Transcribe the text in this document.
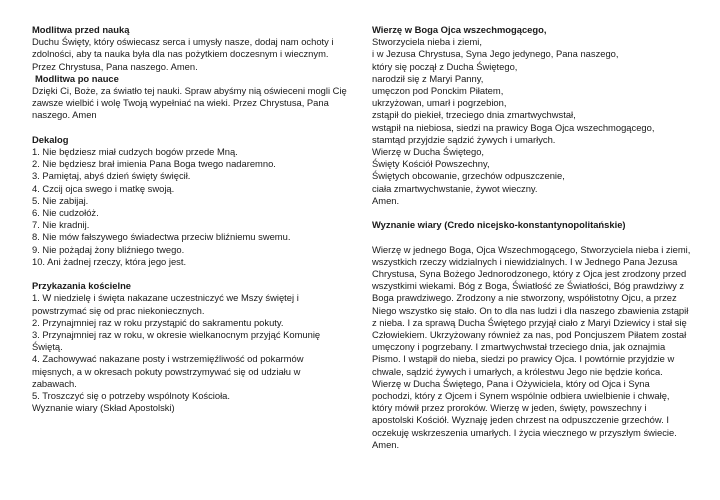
Modlitwa przed nauką
Duchu Święty, który oświecasz serca i umysły nasze, dodaj nam ochoty i
zdolności, aby ta nauka była dla nas pożytkiem doczesnym i wiecznym.
Przez Chrystusa, Pana naszego. Amen.
Modlitwa po nauce
Dzięki Ci, Boże, za światło tej nauki. Spraw abyśmy nią oświeceni mogli Cię
zawsze wielbić i wolę Twoją wypełniać na wieki. Przez Chrystusa, Pana
naszego. Amen
Dekalog
1. Nie będziesz miał cudzych bogów przede Mną.
2. Nie będziesz brał imienia Pana Boga twego nadaremno.
3. Pamiętaj, abyś dzień święty święcił.
4. Czcij ojca swego i matkę swoją.
5. Nie zabijaj.
6. Nie cudzołóż.
7. Nie kradnij.
8. Nie mów fałszywego świadectwa przeciw bliźniemu swemu.
9. Nie pożądaj żony bliźniego twego.
10. Ani żadnej rzeczy, która jego jest.
Przykazania kościelne
1. W niedzielę i święta nakazane uczestniczyć we Mszy świętej i
powstrzymać się od prac niekoniecznych.
2. Przynajmniej raz w roku przystąpić do sakramentu pokuty.
3. Przynajmniej raz w roku, w okresie wielkanocnym przyjąć Komunię
Świętą.
4. Zachowywać nakazane posty i wstrzemięźliwość od pokarmów
mięsnych, a w okresach pokuty powstrzymywać się od udziału w
zabawach.
5. Troszczyć się o potrzeby wspólnoty Kościoła.
Wyznanie wiary (Skład Apostolski)
Wierzę w Boga Ojca wszechmogącego,
Stworzyciela nieba i ziemi,
i w Jezusa Chrystusa, Syna Jego jedynego, Pana naszego,
który się począł z Ducha Świętego,
narodził się z Maryi Panny,
umęczon pod Ponckim Piłatem,
ukrzyżowan, umarł i pogrzebion,
zstąpił do piekieł, trzeciego dnia zmartwychwstał,
wstąpił na niebiosa, siedzi na prawicy Boga Ojca wszechmogącego,
stamtąd przyjdzie sądzić żywych i umarłych.
Wierzę w Ducha Świętego,
Święty Kościół Powszechny,
Świętych obcowanie, grzechów odpuszczenie,
ciała zmartwychwstanie, żywot wieczny.
Amen.
Wyznanie wiary (Credo nicejsko-konstantynopolitańskie)
Wierzę w jednego Boga, Ojca Wszechmogącego, Stworzyciela nieba i ziemi,
wszystkich rzeczy widzialnych i niewidzialnych. I w Jednego Pana Jezusa
Chrystusa, Syna Bożego Jednorodzonego, który z Ojca jest zrodzony przed
wszystkimi wiekami. Bóg z Boga, Światłość ze Światłości, Bóg prawdziwy z
Boga prawdziwego. Zrodzony a nie stworzony, współistotny Ojcu, a przez
Niego wszystko się stało. On to dla nas ludzi i dla naszego zbawienia zstąpił
z nieba. I za sprawą Ducha Świętego przyjął ciało z Maryi Dziewicy i stał się
Człowiekiem. Ukrzyżowany również za nas, pod Poncjuszem Piłatem został
umęczony i pogrzebany. I zmartwychwstał trzeciego dnia, jak oznajmia
Pismo. I wstąpił do nieba, siedzi po prawicy Ojca. I powtórnie przyjdzie w
chwale, sądzić żywych i umarłych, a królestwu Jego nie będzie końca.
Wierzę w Ducha Świętego, Pana i Ożywiciela, który od Ojca i Syna
pochodzi, który z Ojcem i Synem wspólnie odbiera uwielbienie i chwałę,
który mówił przez proroków. Wierzę w jeden, święty, powszechny i
apostolski Kościół. Wyznaję jeden chrzest na odpuszczenie grzechów. I
oczekuję wskrzeszenia umarłych. I życia wiecznego w przyszłym świecie.
Amen.
